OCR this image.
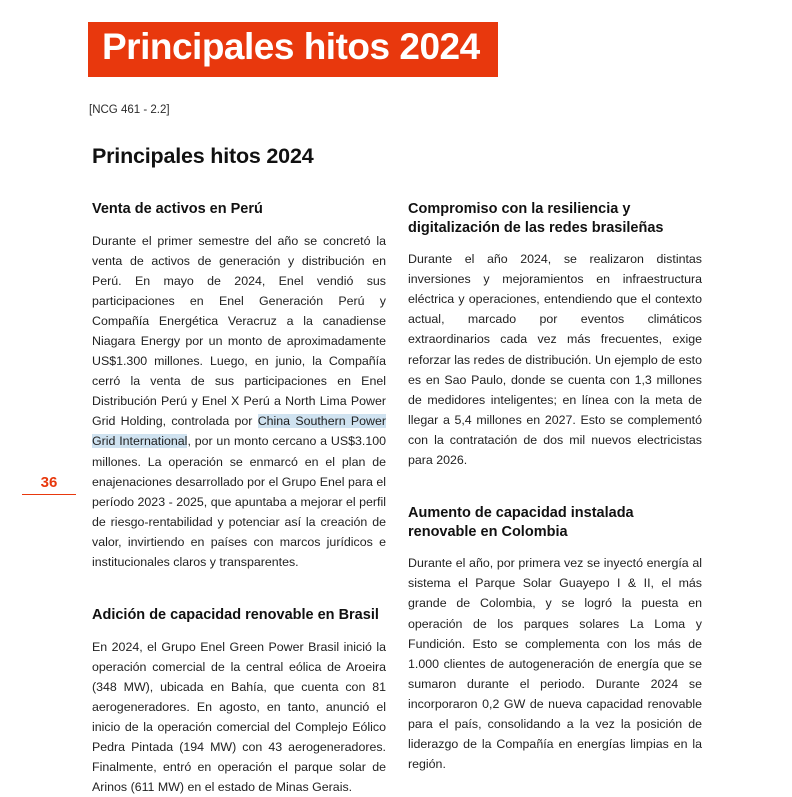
Principales hitos 2024
[NCG 461 - 2.2]
Principales hitos 2024
36
Venta de activos en Perú

Durante el primer semestre del año se concretó la venta de activos de generación y distribución en Perú. En mayo de 2024, Enel vendió sus participaciones en Enel Generación Perú y Compañía Energética Veracruz a la canadiense Niagara Energy por un monto de aproximadamente US$1.300 millones. Luego, en junio, la Compañía cerró la venta de sus participaciones en Enel Distribución Perú y Enel X Perú a North Lima Power Grid Holding, controlada por China Southern Power Grid International, por un monto cercano a US$3.100 millones. La operación se enmarcó en el plan de enajenaciones desarrollado por el Grupo Enel para el período 2023 - 2025, que apuntaba a mejorar el perfil de riesgo-rentabilidad y potenciar así la creación de valor, invirtiendo en países con marcos jurídicos e institucionales claros y transparentes.

Adición de capacidad renovable en Brasil

En 2024, el Grupo Enel Green Power Brasil inició la operación comercial de la central eólica de Aroeira (348 MW), ubicada en Bahía, que cuenta con 81 aerogeneradores. En agosto, en tanto, anunció el inicio de la operación comercial del Complejo Eólico Pedra Pintada (194 MW) con 43 aerogeneradores. Finalmente, entró en operación el parque solar de Arinos (611 MW) en el estado de Minas Gerais.

Compromiso con la resiliencia y digitalización de las redes brasileñas

Durante el año 2024, se realizaron distintas inversiones y mejoramientos en infraestructura eléctrica y operaciones, entendiendo que el contexto actual, marcado por eventos climáticos extraordinarios cada vez más frecuentes, exige reforzar las redes de distribución. Un ejemplo de esto es en Sao Paulo, donde se cuenta con 1,3 millones de medidores inteligentes; en línea con la meta de llegar a 5,4 millones en 2027. Esto se complementó con la contratación de dos mil nuevos electricistas para 2026.

Aumento de capacidad instalada renovable en Colombia

Durante el año, por primera vez se inyectó energía al sistema el Parque Solar Guayepo I & II, el más grande de Colombia, y se logró la puesta en operación de los parques solares La Loma y Fundición. Esto se complementa con los más de 1.000 clientes de autogeneración de energía que se sumaron durante el periodo. Durante 2024 se incorporaron 0,2 GW de nueva capacidad renovable para el país, consolidando a la vez la posición de liderazgo de la Compañía en energías limpias en la región.
